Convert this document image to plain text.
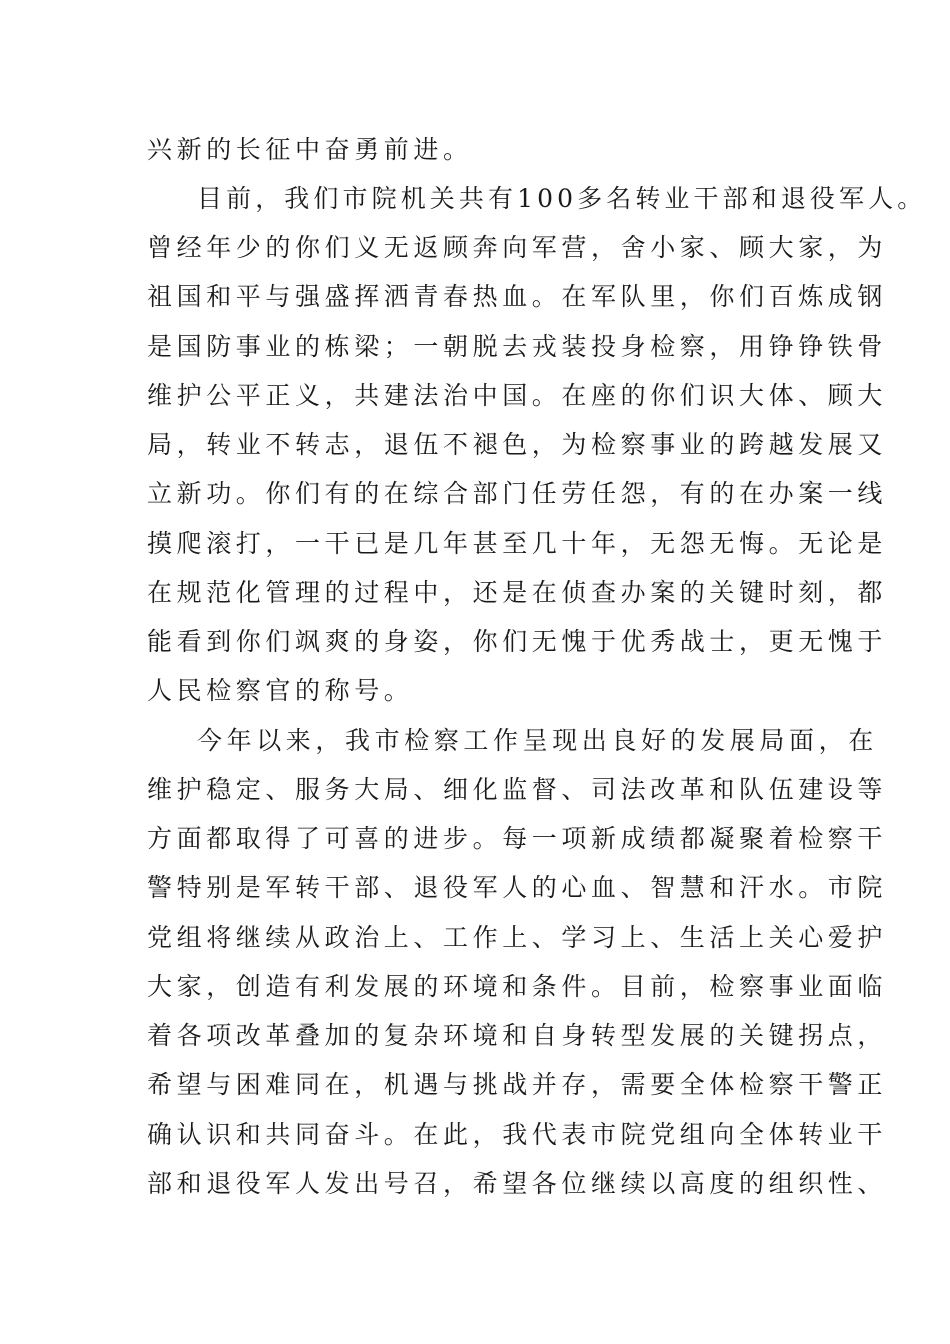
兴新的长征中奋勇前进。
目前，我们市院机关共有100多名转业干部和退役军人。
曾经年少的你们义无返顾奔向军营，舍小家、顾大家，为
祖国和平与强盛挥洒青春热血。在军队里，你们百炼成钢
是国防事业的栋梁；一朝脱去戎装投身检察，用铮铮铁骨
维护公平正义，共建法治中国。在座的你们识大体、顾大
局，转业不转志，退伍不褪色，为检察事业的跨越发展又
立新功。你们有的在综合部门任劳任怨，有的在办案一线
摸爬滚打，一干已是几年甚至几十年，无怨无悔。无论是
在规范化管理的过程中，还是在侦查办案的关键时刻，都
能看到你们飒爽的身姿，你们无愧于优秀战士，更无愧于
人民检察官的称号。
今年以来，我市检察工作呈现出良好的发展局面，在
维护稳定、服务大局、细化监督、司法改革和队伍建设等
方面都取得了可喜的进步。每一项新成绩都凝聚着检察干
警特别是军转干部、退役军人的心血、智慧和汗水。市院
党组将继续从政治上、工作上、学习上、生活上关心爱护
大家，创造有利发展的环境和条件。目前，检察事业面临
着各项改革叠加的复杂环境和自身转型发展的关键拐点，
希望与困难同在，机遇与挑战并存，需要全体检察干警正
确认识和共同奋斗。在此，我代表市院党组向全体转业干
部和退役军人发出号召，希望各位继续以高度的组织性、
